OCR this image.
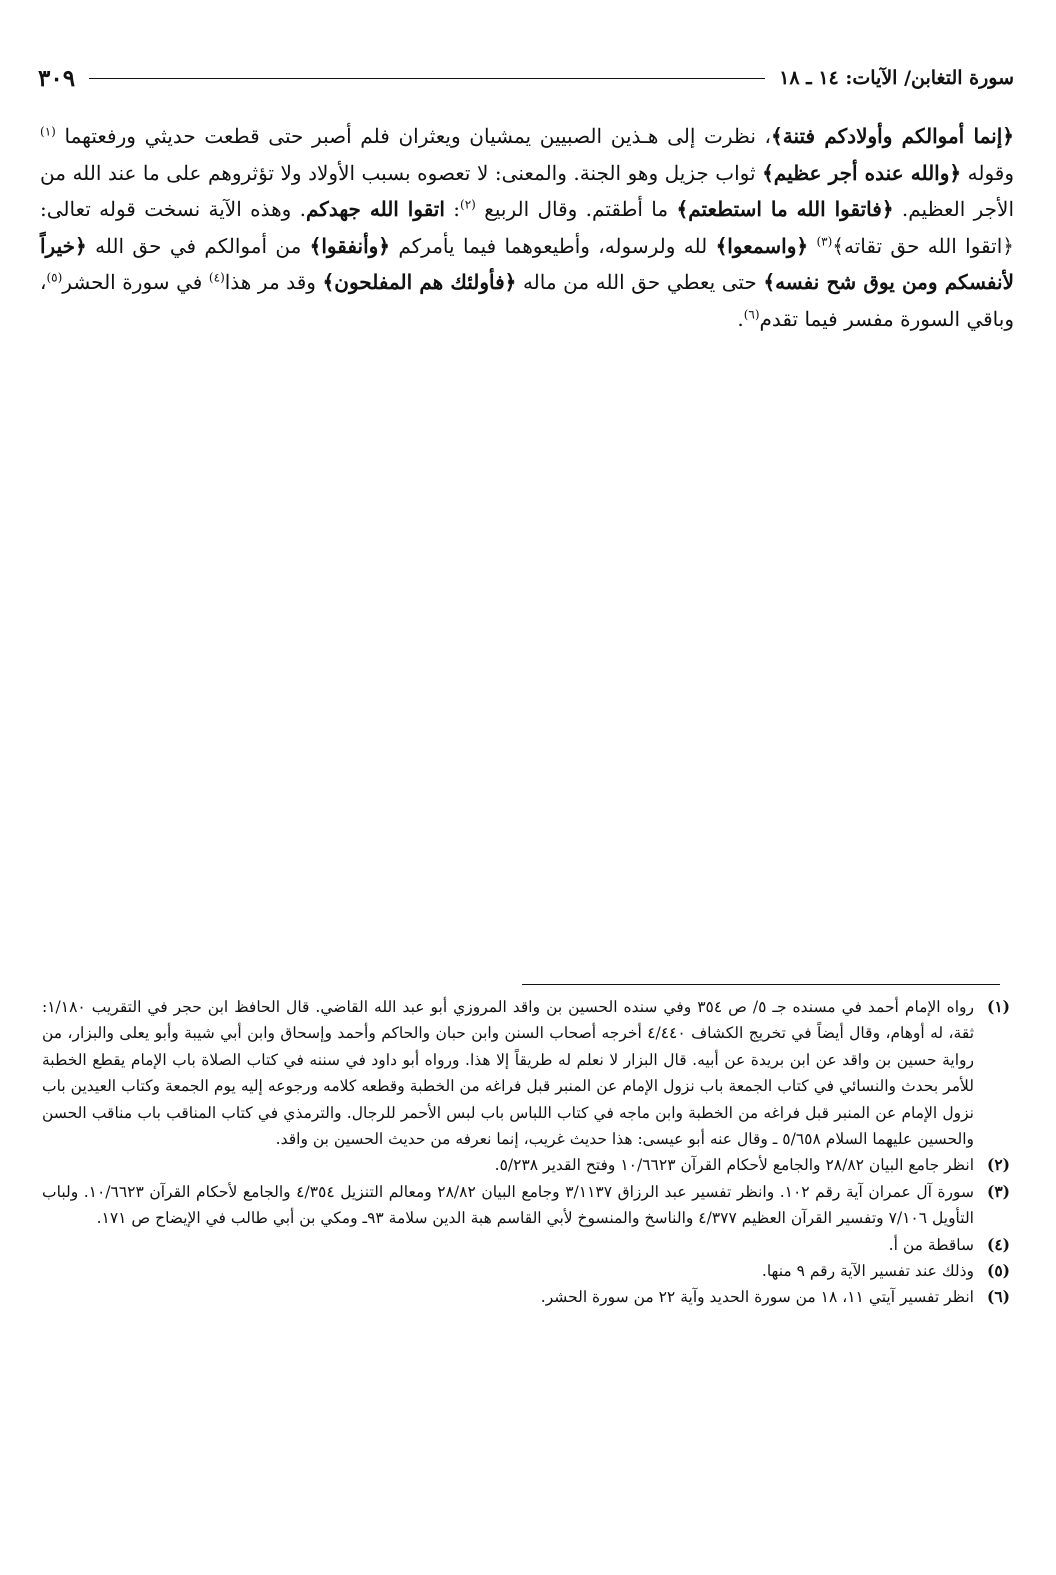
سورة التغابن/ الآيات: ١٤ ـ ١٨
٣٠٩

﴿إنما أموالكم وأولادكم فتنة﴾، نظرت إلى هـذين الصبيين يمشيان ويعثران فلم أصبر حتى قطعت حديثي ورفعتهما $^{(١)}$ وقوله ﴿والله عنده أجر عظيم﴾ ثواب جزيل وهو الجنة. والمعنى: لا تعصوه بسبب الأولاد ولا تؤثروهم على ما عند الله من الأجر العظيم. ﴿فاتقوا الله ما استطعتم﴾ ما أطقتم. وقال الربيع $^{(٢)}$: اتقوا الله جهدكم. وهذه الآية نسخت قوله تعالى: ﴿اتقوا الله حق تقاته﴾$^{(٣)}$ ﴿واسمعوا﴾ لله ولرسوله، وأطيعوهما فيما يأمركم ﴿وأنفقوا﴾ من أموالكم في حق الله ﴿خيراً لأنفسكم ومن يوق شح نفسه﴾ حتى يعطي حق الله من ماله ﴿فأولئك هم المفلحون﴾ وقد مر هذا$^{(٤)}$ في سورة الحشر$^{(٥)}$، وباقي السورة مفسر فيما تقدم$^{(٦)}$.

(١)
رواه الإمام أحمد في مسنده جـ ٥/ ص ٣٥٤ وفي سنده الحسين بن واقد المروزي أبو عبد الله القاضي. قال الحافظ ابن حجر في التقريب ١/١٨٠: ثقة، له أوهام، وقال أيضاً في تخريج الكشاف ٤/٤٤٠ أخرجه أصحاب السنن وابن حبان والحاكم وأحمد وإسحاق وابن أبي شيبة وأبو يعلى والبزار، من رواية حسين بن واقد عن ابن بريدة عن أبيه. قال البزار لا نعلم له طريقاً إلا هذا. ورواه أبو داود في سننه في كتاب الصلاة باب الإمام يقطع الخطبة للأمر بحدث والنسائي في كتاب الجمعة باب نزول الإمام عن المنبر قبل فراغه من الخطبة وقطعه كلامه ورجوعه إليه يوم الجمعة وكتاب العيدين باب نزول الإمام عن المنبر قبل فراغه من الخطبة وابن ماجه في كتاب اللباس باب لبس الأحمر للرجال. والترمذي في كتاب المناقب باب مناقب الحسن والحسين عليهما السلام ٥/٦٥٨ ـ وقال عنه أبو عيسى: هذا حديث غريب، إنما نعرفه من حديث الحسين بن واقد.
(٢)
انظر جامع البيان ٢٨/٨٢ والجامع لأحكام القرآن ١٠/٦٦٢٣ وفتح القدير ٥/٢٣٨.
(٣)
سورة آل عمران آية رقم ١٠٢. وانظر تفسير عبد الرزاق ٣/١١٣٧ وجامع البيان ٢٨/٨٢ ومعالم التنزيل ٤/٣٥٤ والجامع لأحكام القرآن ١٠/٦٦٢٣. ولباب التأويل ٧/١٠٦ وتفسير القرآن العظيم ٤/٣٧٧ والناسخ والمنسوخ لأبي القاسم هبة الدين سلامة ٩٣ـ ومكي بن أبي طالب في الإيضاح ص ١٧١.
(٤)
ساقطة من أ.
(٥)
وذلك عند تفسير الآية رقم ٩ منها.
(٦)
انظر تفسير آيتي ١١، ١٨ من سورة الحديد وآية ٢٢ من سورة الحشر.
